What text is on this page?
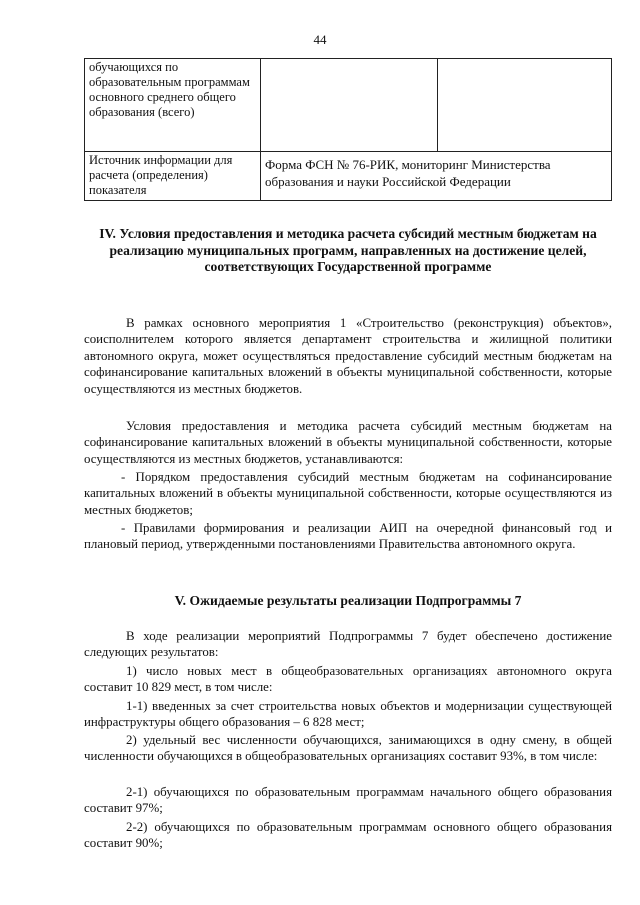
44
обучающихся по образовательным программам основного среднего общего образования (всего)		
Источник информации для расчета (определения) показателя	Форма ФСН № 76-РИК, мониторинг Министерства образования и науки Российской Федерации	
IV. Условия предоставления и методика расчета субсидий местным бюджетам на реализацию муниципальных программ, направленных на достижение целей, соответствующих Государственной программе
В рамках основного мероприятия 1 «Строительство (реконструкция) объектов», соисполнителем которого является департамент строительства и жилищной политики автономного округа, может осуществляться предоставление субсидий местным бюджетам на софинансирование капитальных вложений в объекты муниципальной собственности, которые осуществляются из местных бюджетов.
Условия предоставления и методика расчета субсидий местным бюджетам на софинансирование капитальных вложений в объекты муниципальной собственности, которые осуществляются из местных бюджетов, устанавливаются:
- Порядком предоставления субсидий местным бюджетам на софинансирование капитальных вложений в объекты муниципальной собственности, которые осуществляются из местных бюджетов;
- Правилами формирования и реализации АИП на очередной финансовый год и плановый период, утвержденными постановлениями Правительства автономного округа.
V. Ожидаемые результаты реализации Подпрограммы 7
В ходе реализации мероприятий Подпрограммы 7 будет обеспечено достижение следующих результатов:
1) число новых мест в общеобразовательных организациях автономного округа составит 10 829 мест, в том числе:
1-1) введенных за счет строительства новых объектов и модернизации существующей инфраструктуры общего образования – 6 828 мест;
2) удельный вес численности обучающихся, занимающихся в одну смену, в общей численности обучающихся в общеобразовательных организациях составит 93%, в том числе:
2-1) обучающихся по образовательным программам начального общего образования составит 97%;
2-2) обучающихся по образовательным программам основного общего образования составит 90%;
